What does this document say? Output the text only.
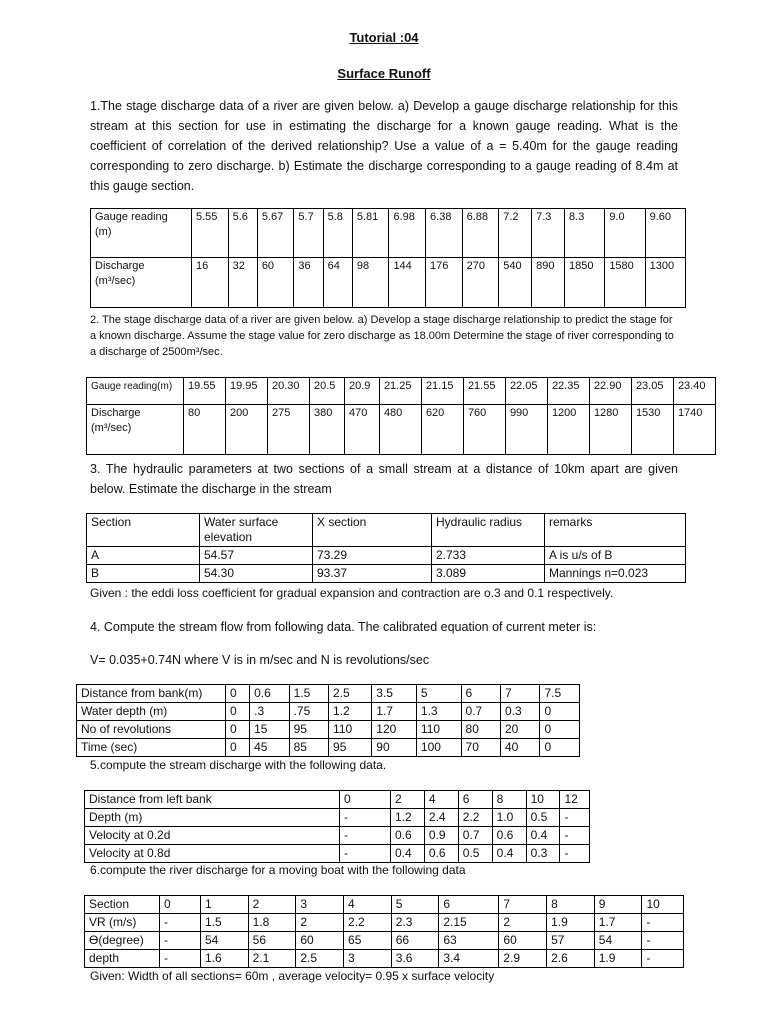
Tutorial :04
Surface Runoff
1.The stage discharge data of a river are given below. a) Develop a gauge discharge relationship for this stream at this section for use in estimating the discharge for a known gauge reading. What is the coefficient of correlation of the derived relationship? Use a value of a = 5.40m for the gauge reading corresponding to zero discharge. b) Estimate the discharge corresponding to a gauge reading of 8.4m at this gauge section.
Gauge reading (m)	5.55	5.6	5.67	5.7	5.8	5.81	6.98	6.38	6.88	7.2	7.3	8.3	9.0	9.60
Discharge
(m³/sec)	16	32	60	36	64	98	144	176	270	540	890	1850	1580	1300
2. The stage discharge data of a river are given below. a) Develop a stage discharge relationship to predict the stage for a known discharge. Assume the stage value for zero discharge as 18.00m Determine the stage of river corresponding to a discharge of 2500m³/sec.
Gauge reading(m)	19.55	19.95	20.30	20.5	20.9	21.25	21.15	21.55	22.05	22.35	22.90	23.05	23.40
Discharge
(m³/sec)	80	200	275	380	470	480	620	760	990	1200	1280	1530	1740
3. The hydraulic parameters at two sections of a small stream at a distance of 10km apart are given below. Estimate the discharge in the stream
Section	Water surface elevation	X section	Hydraulic radius	remarks
A	54.57	73.29	2.733	A is u/s of B
B	54.30	93.37	3.089	Mannings n=0.023
Given : the eddi loss coefficient for gradual expansion and contraction are o.3 and 0.1 respectively.
4. Compute the stream flow from following data. The calibrated equation of current meter is:
V= 0.035+0.74N where V is in m/sec and N is revolutions/sec
Distance from bank(m)	0	0.6	1.5	2.5	3.5	5	6	7	7.5
Water depth (m)	0	.3	.75	1.2	1.7	1.3	0.7	0.3	0
No of revolutions	0	15	95	110	120	110	80	20	0
Time (sec)	0	45	85	95	90	100	70	40	0
5.compute the stream discharge with the following data.
Distance from left bank	0	2	4	6	8	10	12
Depth (m)	-	1.2	2.4	2.2	1.0	0.5	-
Velocity at 0.2d	-	0.6	0.9	0.7	0.6	0.4	-
Velocity at 0.8d	-	0.4	0.6	0.5	0.4	0.3	-
6.compute the river discharge for a moving boat with the following data
Section	0	1	2	3	4	5	6	7	8	9	10
VR (m/s)	-	1.5	1.8	2	2.2	2.3	2.15	2	1.9	1.7	-
ϴ(degree)	-	54	56	60	65	66	63	60	57	54	-
depth	-	1.6	2.1	2.5	3	3.6	3.4	2.9	2.6	1.9	-
Given: Width of all sections= 60m , average velocity= 0.95 x surface velocity
